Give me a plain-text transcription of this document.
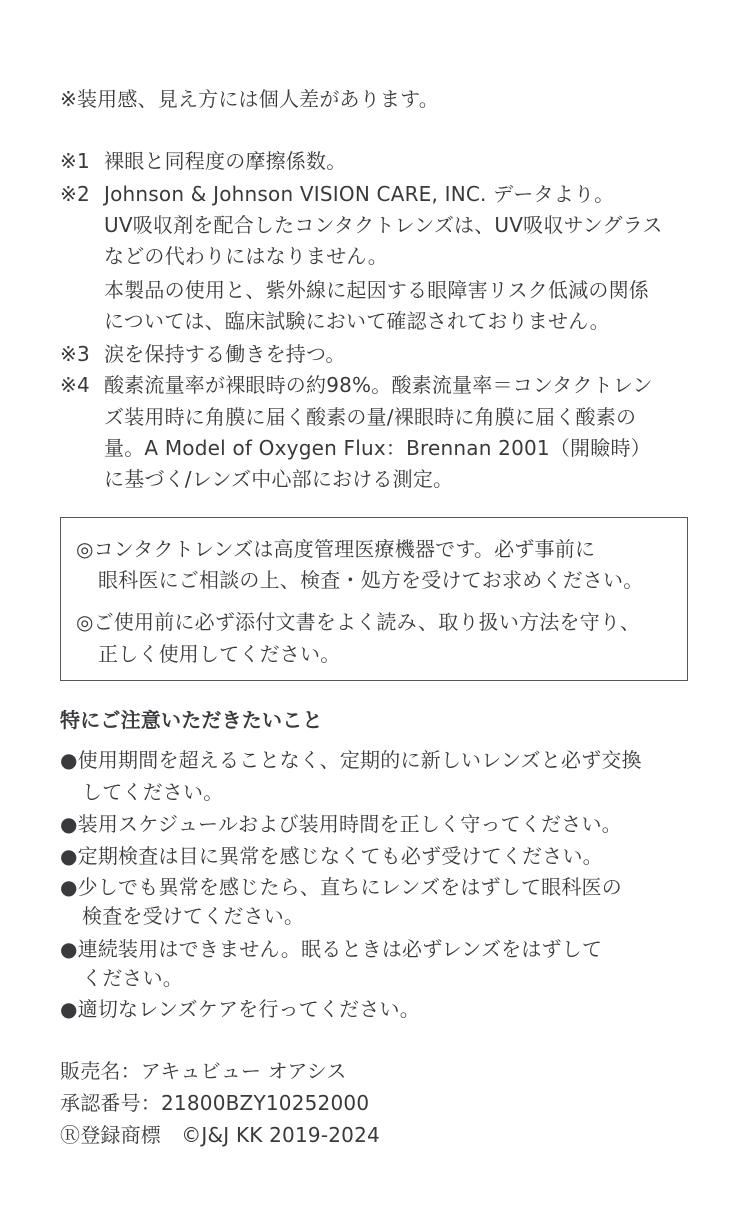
※装用感、見え方には個人差があります。
※1 裸眼と同程度の摩擦係数。
※2 Johnson & Johnson VISION CARE, INC. データより。
UV吸収剤を配合したコンタクトレンズは、UV吸収サングラス
などの代わりにはなりません。
本製品の使用と、紫外線に起因する眼障害リスク低減の関係
については、臨床試験において確認されておりません。
※3 涙を保持する働きを持つ。
※4 酸素流量率が裸眼時の約98%。酸素流量率＝コンタクトレン
ズ装用時に角膜に届く酸素の量/裸眼時に角膜に届く酸素の
量。A Model of Oxygen Flux：Brennan 2001（開瞼時）
に基づく/レンズ中心部における測定。
◎コンタクトレンズは高度管理医療機器です。必ず事前に
眼科医にご相談の上、検査・処方を受けてお求めください。
◎ご使用前に必ず添付文書をよく読み、取り扱い方法を守り、
正しく使用してください。
特にご注意いただきたいこと
●使用期間を超えることなく、定期的に新しいレンズと必ず交換
してください。
●装用スケジュールおよび装用時間を正しく守ってください。
●定期検査は目に異常を感じなくても必ず受けてください。
●少しでも異常を感じたら、直ちにレンズをはずして眼科医の
検査を受けてください。
●連続装用はできません。眠るときは必ずレンズをはずして
ください。
●適切なレンズケアを行ってください。
販売名：アキュビュー オアシス
承認番号：21800BZY10252000
Ⓡ登録商標　©J&J KK 2019-2024
